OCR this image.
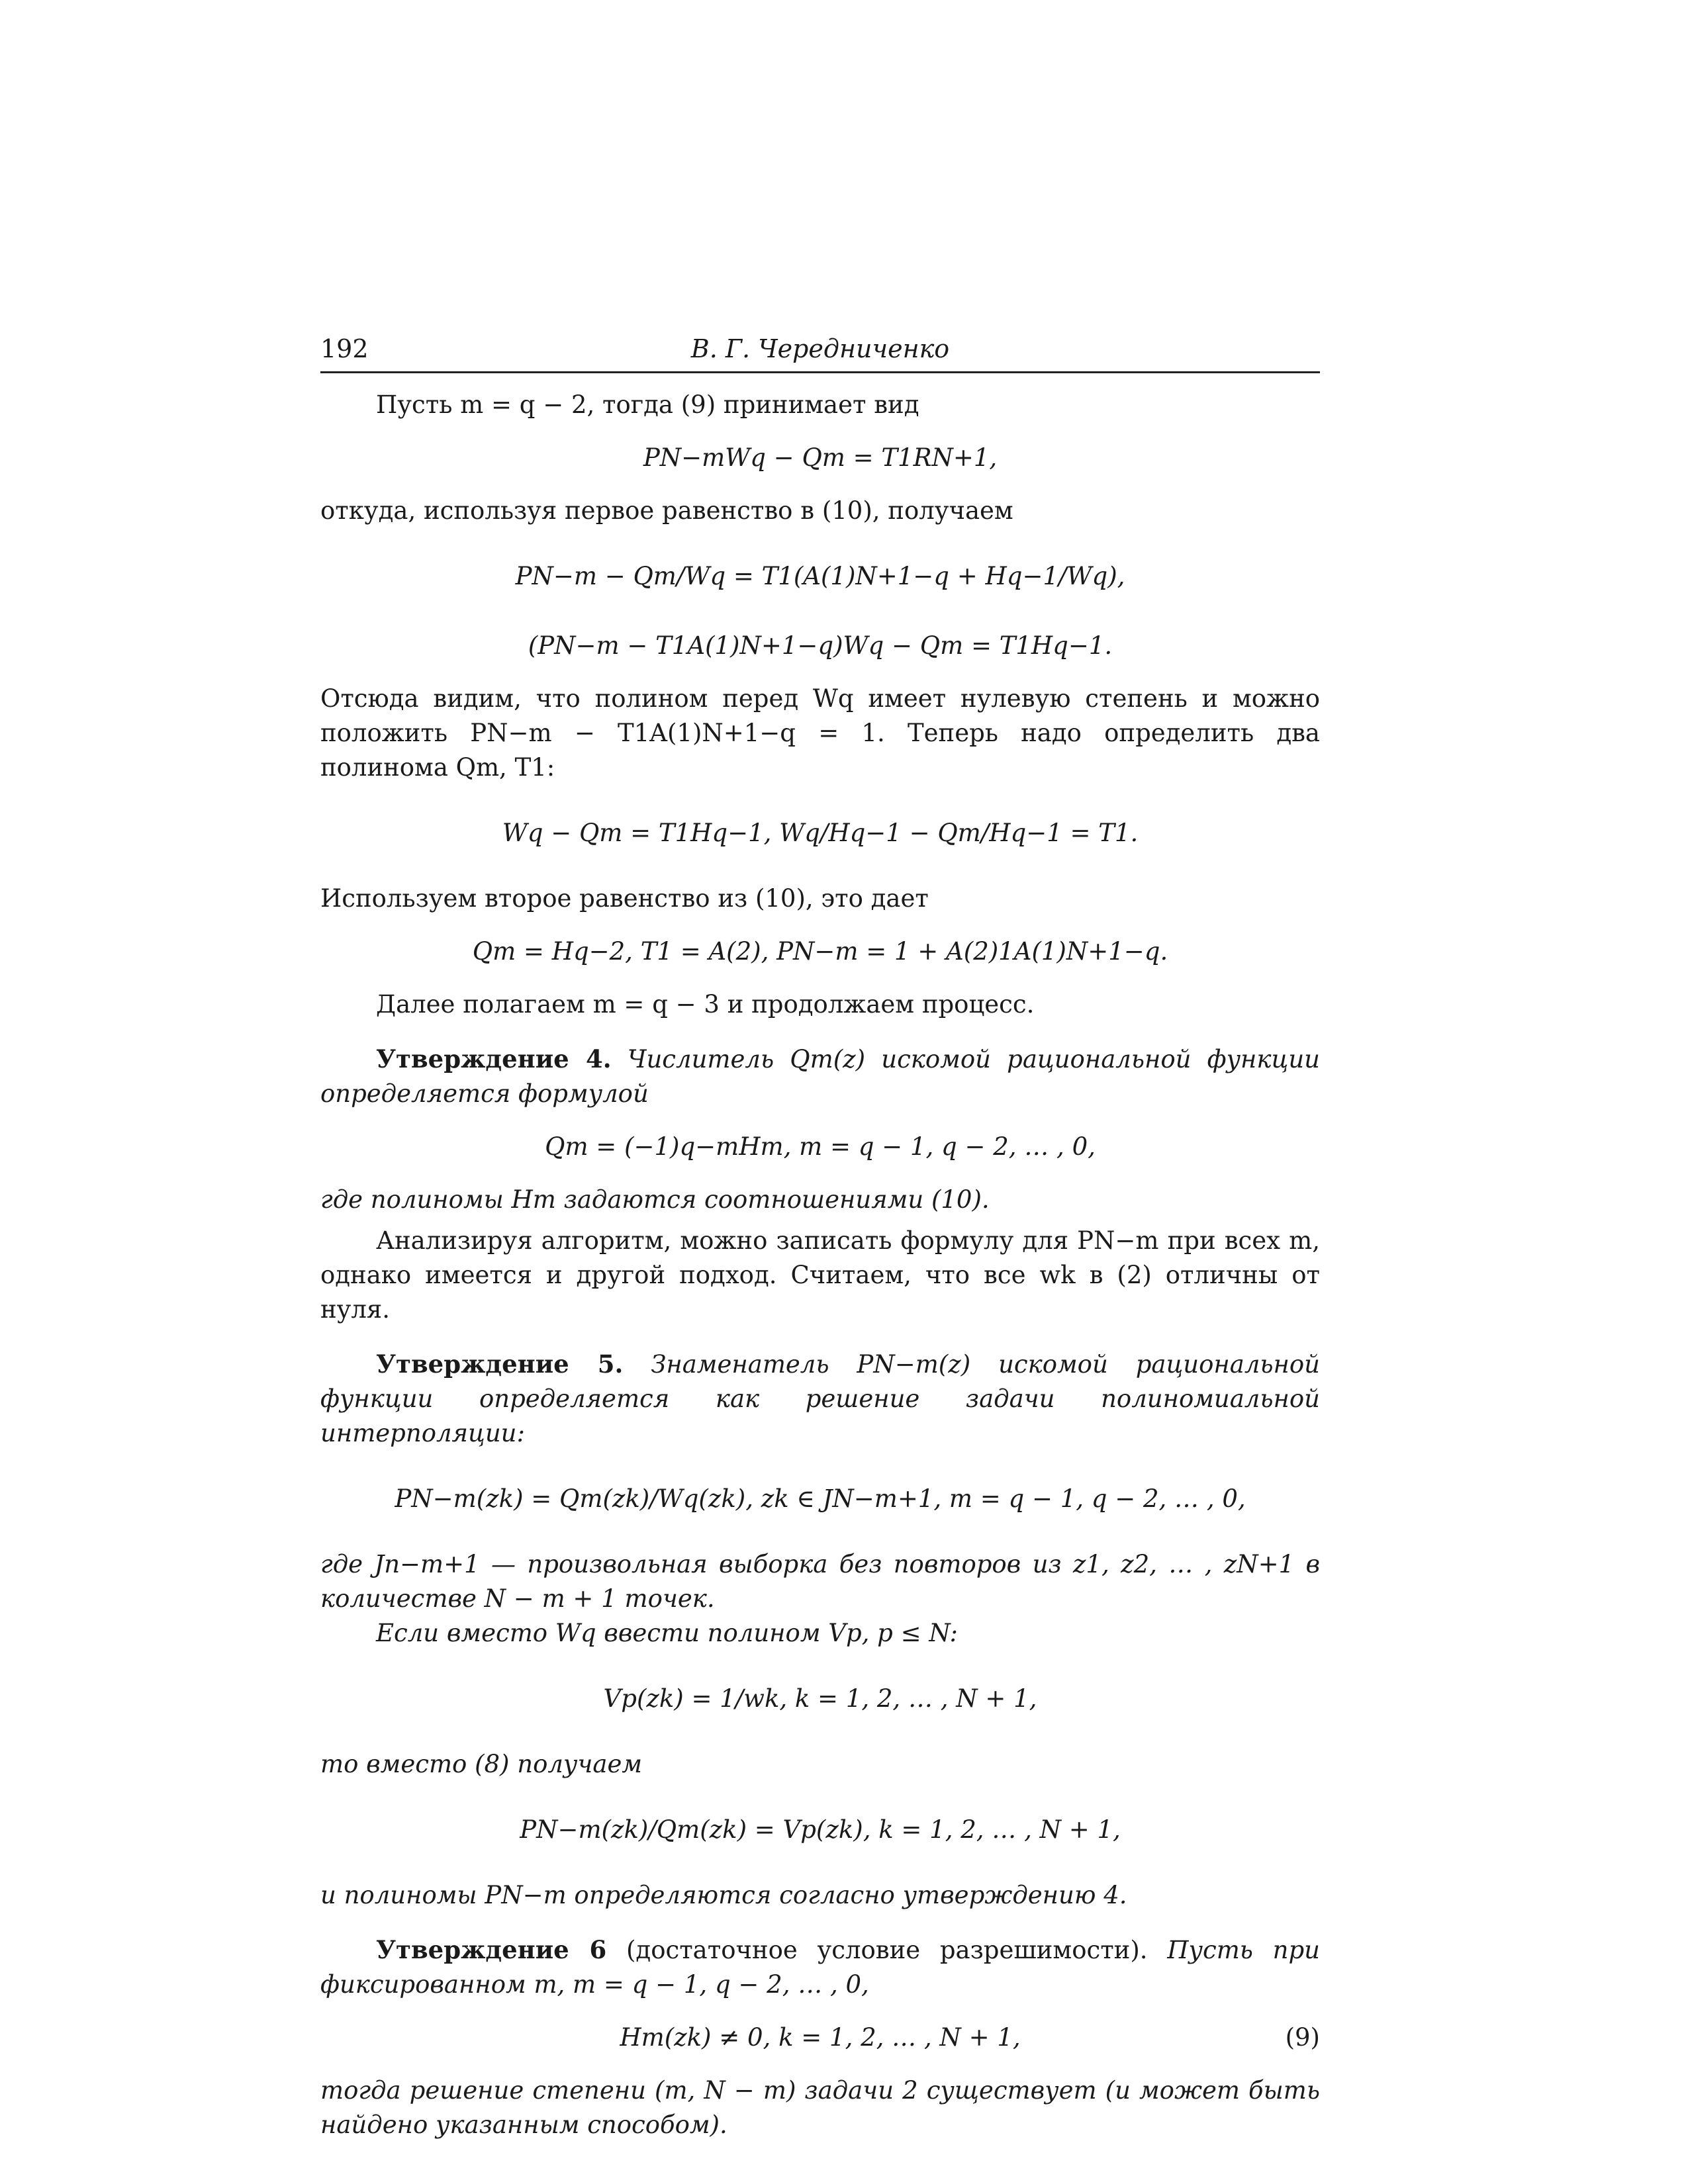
192	В. Г. Чередниченко

Пусть m = q − 2, тогда (9) принимает вид

PN−mWq − Qm = T1RN+1,

откуда, используя первое равенство в (10), получаем

PN−m − Qm/Wq = T1(A(1)N+1−q + Hq−1/Wq),
(PN−m − T1A(1)N+1−q)Wq − Qm = T1Hq−1.

Отсюда видим, что полином перед Wq имеет нулевую степень и можно положить PN−m − T1A(1)N+1−q = 1. Теперь надо определить два полинома Qm, T1:

Wq − Qm = T1Hq−1, Wq/Hq−1 − Qm/Hq−1 = T1.

Используем второе равенство из (10), это дает

Qm = Hq−2, T1 = A(2), PN−m = 1 + A(2)1A(1)N+1−q.

Далее полагаем m = q − 3 и продолжаем процесс.

Утверждение 4. Числитель Qm(z) искомой рациональной функции определяется формулой

Qm = (−1)q−mHm, m = q − 1, q − 2, … , 0,

где полиномы Hm задаются соотношениями (10).

Анализируя алгоритм, можно записать формулу для PN−m при всех m, однако имеется и другой подход. Считаем, что все wk в (2) отличны от нуля.

Утверждение 5. Знаменатель PN−m(z) искомой рациональной функции определяется как решение задачи полиномиальной интерполяции:

PN−m(zk) = Qm(zk)/Wq(zk), zk ∈ JN−m+1, m = q − 1, q − 2, … , 0,

где Jn−m+1 — произвольная выборка без повторов из z1, z2, … , zN+1 в количестве N − m + 1 точек.

Если вместо Wq ввести полином Vp, p ≤ N:

Vp(zk) = 1/wk, k = 1, 2, … , N + 1,

то вместо (8) получаем

PN−m(zk)/Qm(zk) = Vp(zk), k = 1, 2, … , N + 1,

и полиномы PN−m определяются согласно утверждению 4.

Утверждение 6 (достаточное условие разрешимости). Пусть при фиксированном m, m = q − 1, q − 2, … , 0,

Hm(zk) ≠ 0, k = 1, 2, … , N + 1,	(9)

тогда решение степени (m, N − m) задачи 2 существует (и может быть найдено указанным способом).
